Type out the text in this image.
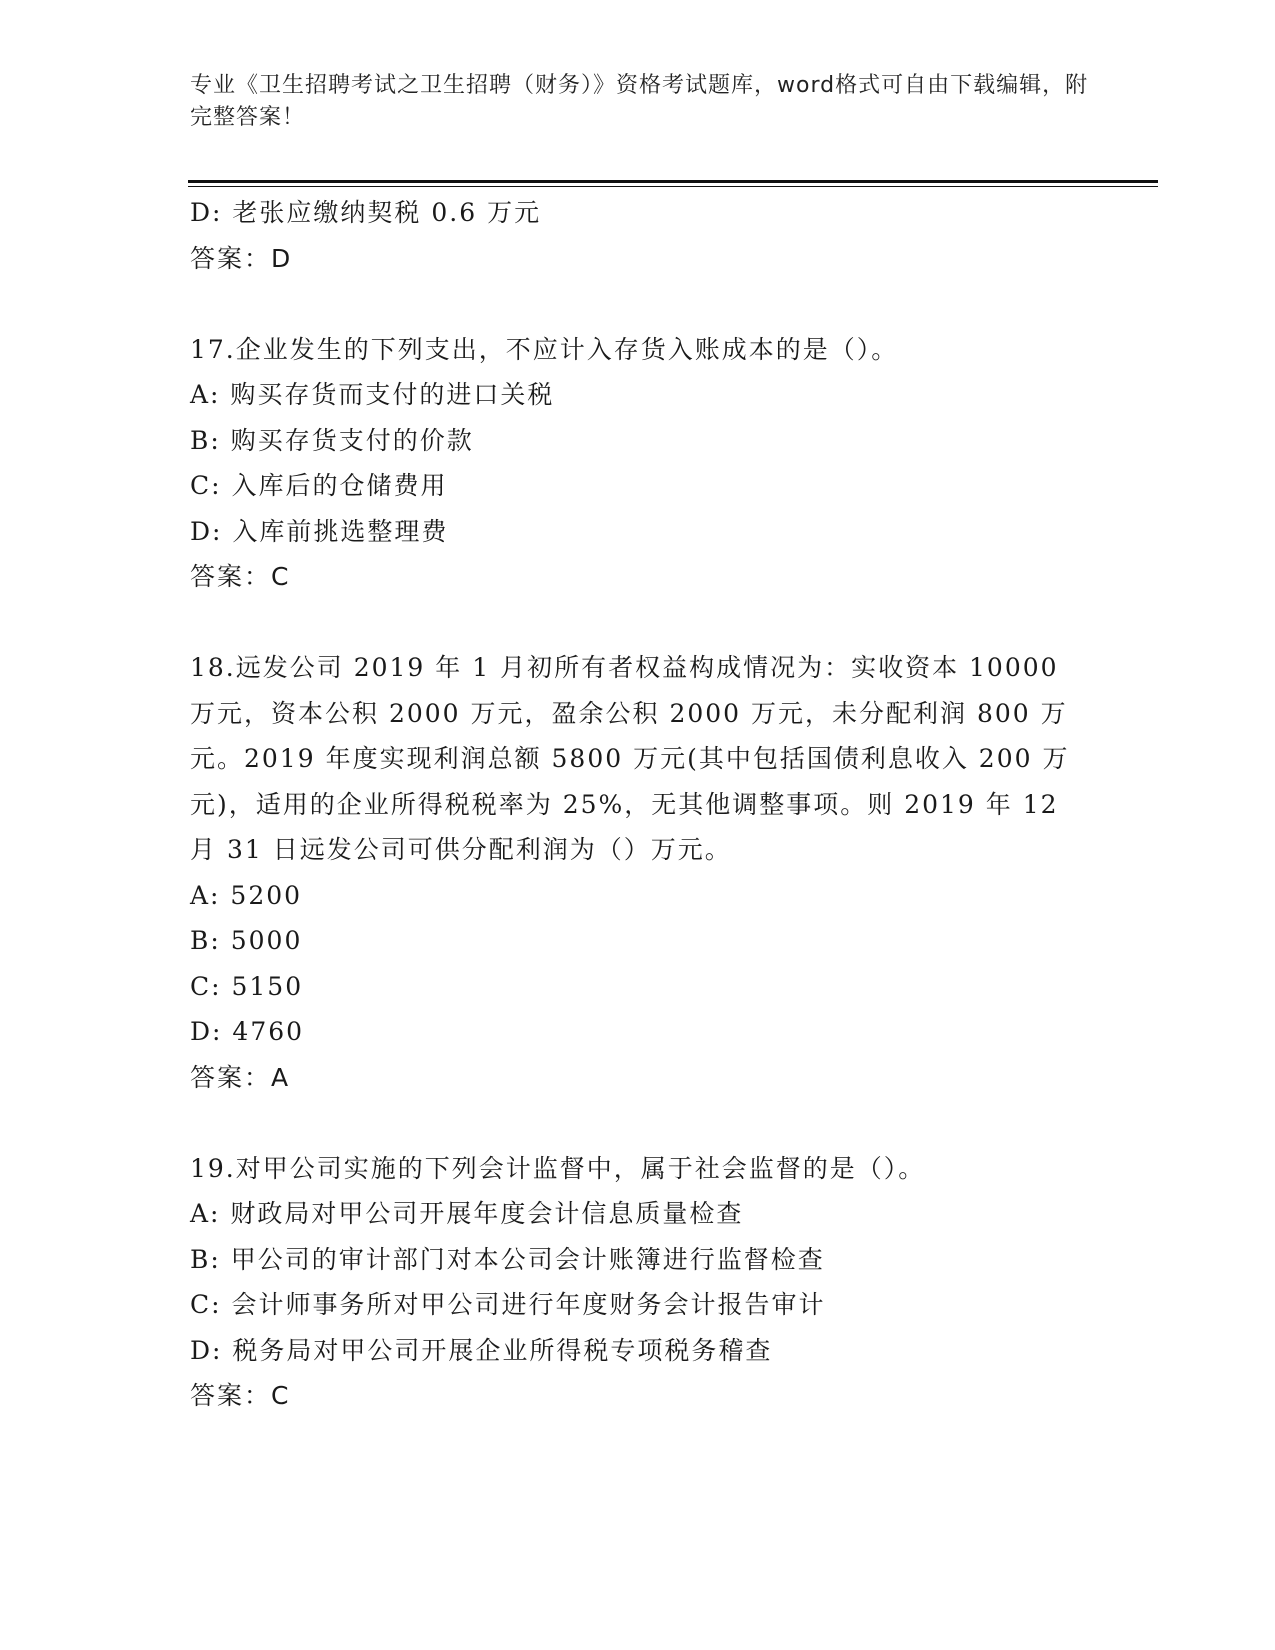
专业《卫生招聘考试之卫生招聘（财务）》资格考试题库，word格式可自由下载编辑，附完整答案！
D: 老张应缴纳契税 0.6 万元
答案：D
17.企业发生的下列支出，不应计入存货入账成本的是（）。
A: 购买存货而支付的进口关税
B: 购买存货支付的价款
C: 入库后的仓储费用
D: 入库前挑选整理费
答案：C
18.远发公司 2019 年 1 月初所有者权益构成情况为：实收资本 10000 万元，资本公积 2000 万元，盈余公积 2000 万元，未分配利润 800 万元。2019 年度实现利润总额 5800 万元(其中包括国债利息收入 200 万元)，适用的企业所得税税率为 25%，无其他调整事项。则 2019 年 12 月 31 日远发公司可供分配利润为（）万元。
A: 5200
B: 5000
C: 5150
D: 4760
答案：A
19.对甲公司实施的下列会计监督中，属于社会监督的是（）。
A: 财政局对甲公司开展年度会计信息质量检查
B: 甲公司的审计部门对本公司会计账簿进行监督检查
C: 会计师事务所对甲公司进行年度财务会计报告审计
D: 税务局对甲公司开展企业所得税专项税务稽查
答案：C
